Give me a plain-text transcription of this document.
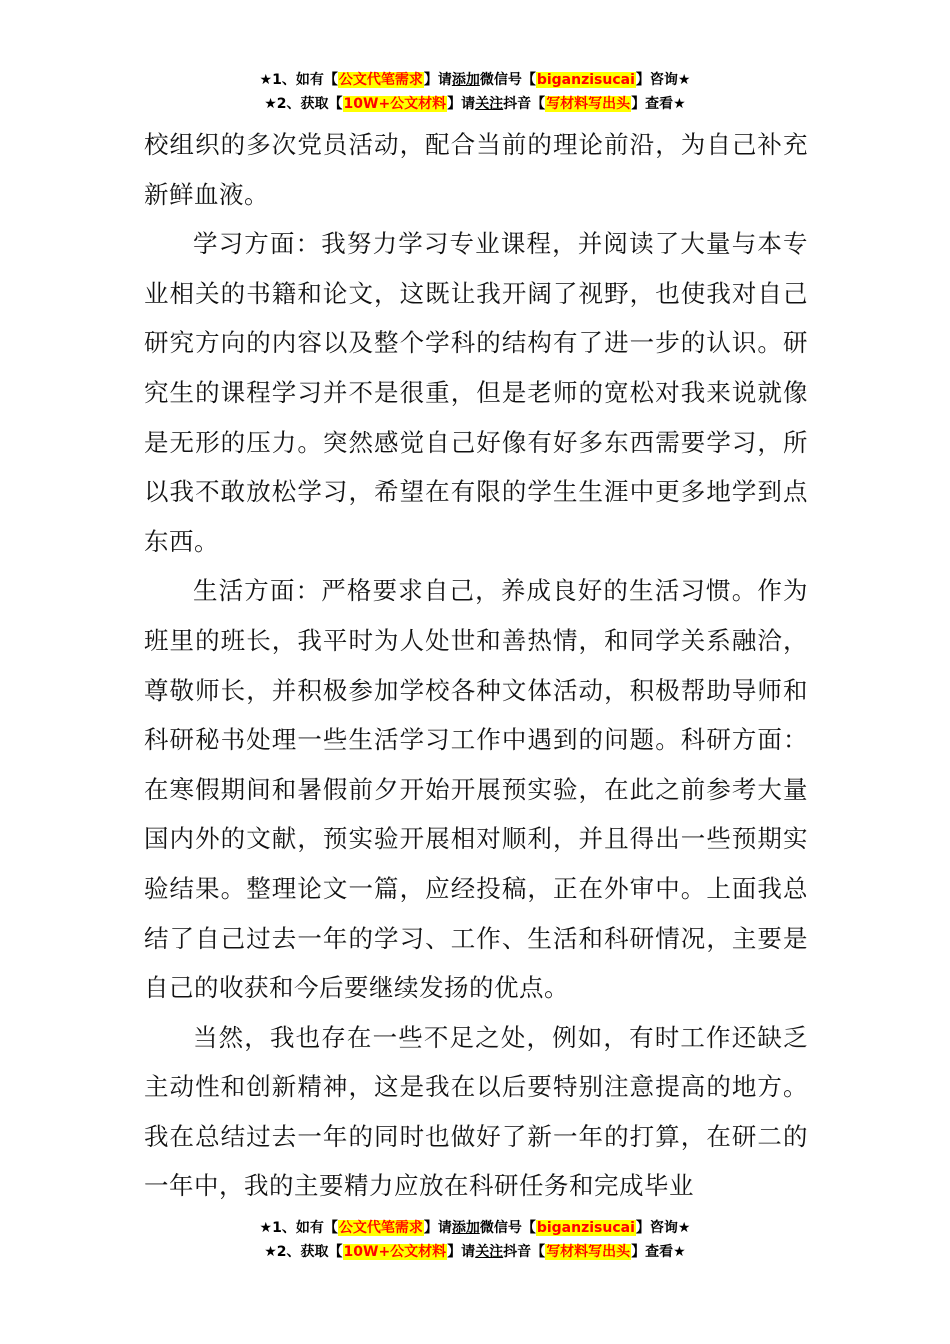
★1、如有【公文代笔需求】请添加微信号【biganzisucai】咨询★
★2、获取【10W+公文材料】请关注抖音【写材料写出头】查看★

校组织的多次党员活动，配合当前的理论前沿，为自己补充新鲜血液。

学习方面：我努力学习专业课程，并阅读了大量与本专业相关的书籍和论文，这既让我开阔了视野，也使我对自己研究方向的内容以及整个学科的结构有了进一步的认识。研究生的课程学习并不是很重，但是老师的宽松对我来说就像是无形的压力。突然感觉自己好像有好多东西需要学习，所以我不敢放松学习，希望在有限的学生生涯中更多地学到点东西。

生活方面：严格要求自己，养成良好的生活习惯。作为班里的班长，我平时为人处世和善热情，和同学关系融洽，尊敬师长，并积极参加学校各种文体活动，积极帮助导师和科研秘书处理一些生活学习工作中遇到的问题。科研方面：在寒假期间和暑假前夕开始开展预实验，在此之前参考大量国内外的文献，预实验开展相对顺利，并且得出一些预期实验结果。整理论文一篇，应经投稿，正在外审中。上面我总结了自己过去一年的学习、工作、生活和科研情况，主要是自己的收获和今后要继续发扬的优点。

当然，我也存在一些不足之处，例如，有时工作还缺乏主动性和创新精神，这是我在以后要特别注意提高的地方。我在总结过去一年的同时也做好了新一年的打算，在研二的一年中，我的主要精力应放在科研任务和完成毕业

★1、如有【公文代笔需求】请添加微信号【biganzisucai】咨询★
★2、获取【10W+公文材料】请关注抖音【写材料写出头】查看★
